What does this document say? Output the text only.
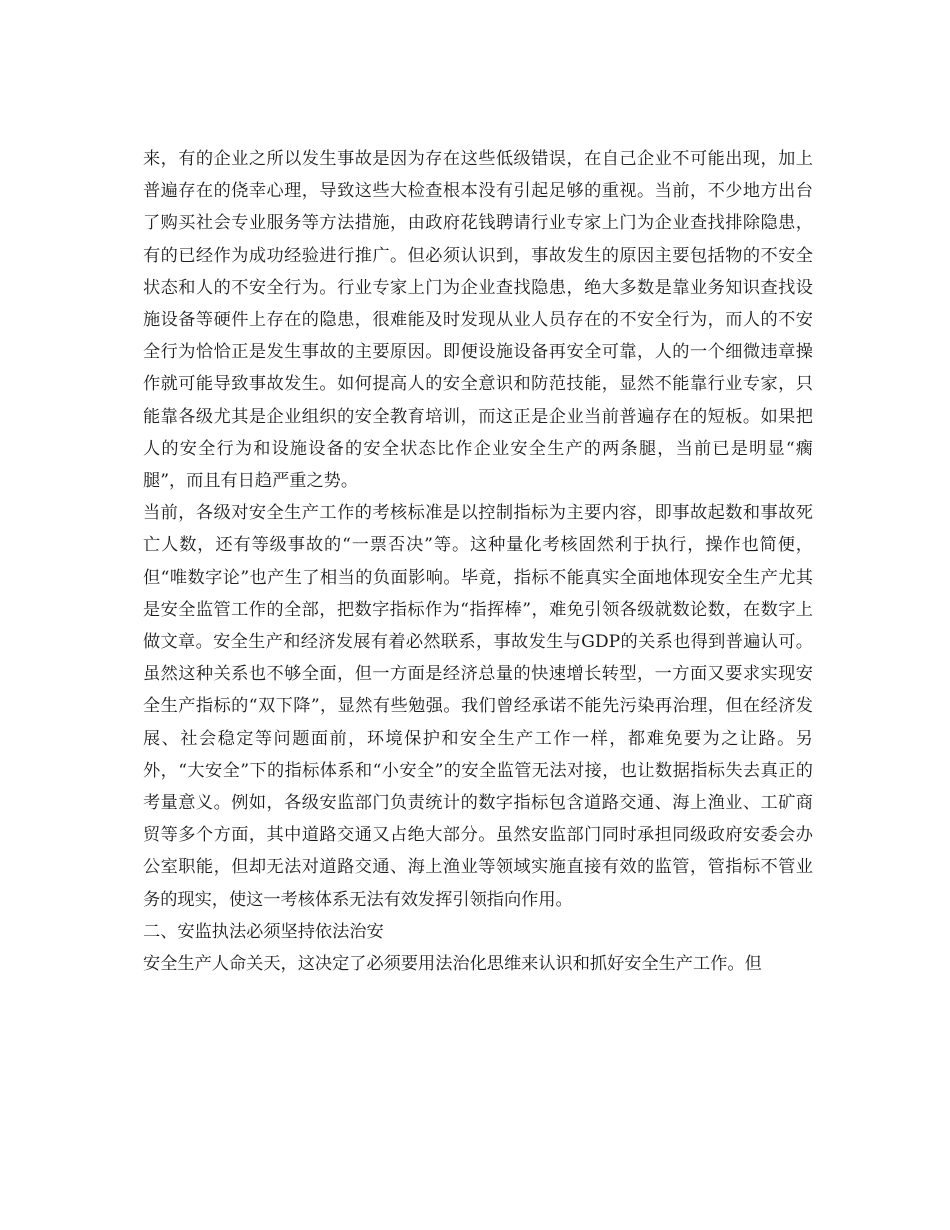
来，有的企业之所以发生事故是因为存在这些低级错误，在自己企业不可能出现，加上普遍存在的侥幸心理，导致这些大检查根本没有引起足够的重视。当前，不少地方出台了购买社会专业服务等方法措施，由政府花钱聘请行业专家上门为企业查找排除隐患，有的已经作为成功经验进行推广。但必须认识到，事故发生的原因主要包括物的不安全状态和人的不安全行为。行业专家上门为企业查找隐患，绝大多数是靠业务知识查找设施设备等硬件上存在的隐患，很难能及时发现从业人员存在的不安全行为，而人的不安全行为恰恰正是发生事故的主要原因。即便设施设备再安全可靠，人的一个细微违章操作就可能导致事故发生。如何提高人的安全意识和防范技能，显然不能靠行业专家，只能靠各级尤其是企业组织的安全教育培训，而这正是企业当前普遍存在的短板。如果把人的安全行为和设施设备的安全状态比作企业安全生产的两条腿，当前已是明显“瘸腿”，而且有日趋严重之势。

当前，各级对安全生产工作的考核标准是以控制指标为主要内容，即事故起数和事故死亡人数，还有等级事故的“一票否决”等。这种量化考核固然利于执行，操作也简便，但“唯数字论”也产生了相当的负面影响。毕竟，指标不能真实全面地体现安全生产尤其是安全监管工作的全部，把数字指标作为“指挥棒”，难免引领各级就数论数，在数字上做文章。安全生产和经济发展有着必然联系，事故发生与GDP的关系也得到普遍认可。虽然这种关系也不够全面，但一方面是经济总量的快速增长转型，一方面又要求实现安全生产指标的“双下降”，显然有些勉强。我们曾经承诺不能先污染再治理，但在经济发展、社会稳定等问题面前，环境保护和安全生产工作一样，都难免要为之让路。另外，“大安全”下的指标体系和“小安全”的安全监管无法对接，也让数据指标失去真正的考量意义。例如，各级安监部门负责统计的数字指标包含道路交通、海上渔业、工矿商贸等多个方面，其中道路交通又占绝大部分。虽然安监部门同时承担同级政府安委会办公室职能，但却无法对道路交通、海上渔业等领域实施直接有效的监管，管指标不管业务的现实，使这一考核体系无法有效发挥引领指向作用。

二、安监执法必须坚持依法治安

安全生产人命关天，这决定了必须要用法治化思维来认识和抓好安全生产工作。但
